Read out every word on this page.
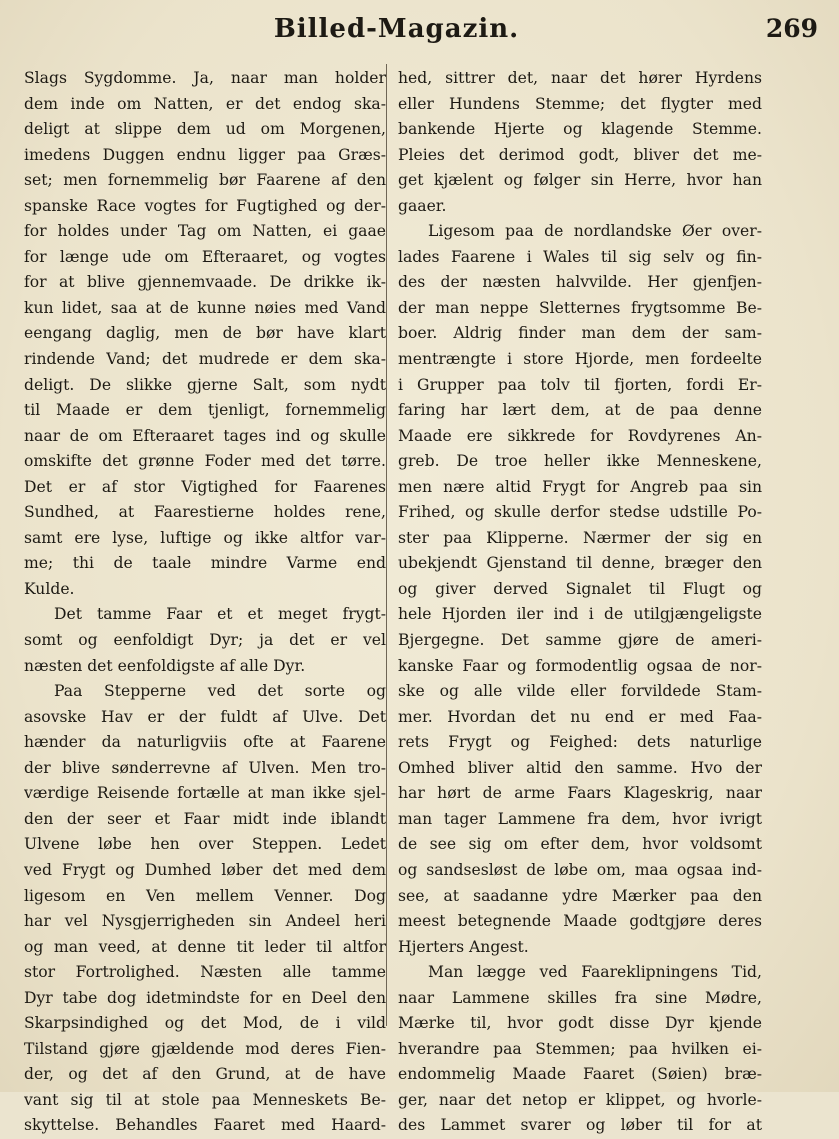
Billed-Magazin.	269
Slags Sygdomme. Ja, naar man holder
dem inde om Natten, er det endog ska-
deligt at slippe dem ud om Morgenen,
imedens Duggen endnu ligger paa Græs-
set; men fornemmelig bør Faarene af den
spanske Race vogtes for Fugtighed og der-
for holdes under Tag om Natten, ei gaae
for længe ude om Efteraaret, og vogtes
for at blive gjennemvaade. De drikke ik-
kun lidet, saa at de kunne nøies med Vand
eengang daglig, men de bør have klart
rindende Vand; det mudrede er dem ska-
deligt. De slikke gjerne Salt, som nydt
til Maade er dem tjenligt, fornemmelig
naar de om Efteraaret tages ind og skulle
omskifte det grønne Foder med det tørre.
Det er af stor Vigtighed for Faarenes
Sundhed, at Faarestierne holdes rene,
samt ere lyse, luftige og ikke altfor var-
me; thi de taale mindre Varme end
Kulde.
Det tamme Faar et et meget frygt-
somt og eenfoldigt Dyr; ja det er vel
næsten det eenfoldigste af alle Dyr.
Paa Stepperne ved det sorte og
asovske Hav er der fuldt af Ulve. Det
hænder da naturligviis ofte at Faarene
der blive sønderrevne af Ulven. Men tro-
værdige Reisende fortælle at man ikke sjel-
den der seer et Faar midt inde iblandt
Ulvene løbe hen over Steppen. Ledet
ved Frygt og Dumhed løber det med dem
ligesom en Ven mellem Venner. Dog
har vel Nysgjerrigheden sin Andeel heri
og man veed, at denne tit leder til altfor
stor Fortrolighed. Næsten alle tamme
Dyr tabe dog idetmindste for en Deel den
Skarpsindighed og det Mod, de i vild
Tilstand gjøre gjældende mod deres Fien-
der, og det af den Grund, at de have
vant sig til at stole paa Menneskets Be-
skyttelse. Behandles Faaret med Haard-
hed, sittrer det, naar det hører Hyrdens
eller Hundens Stemme; det flygter med
bankende Hjerte og klagende Stemme.
Pleies det derimod godt, bliver det me-
get kjælent og følger sin Herre, hvor han
gaaer.
Ligesom paa de nordlandske Øer over-
lades Faarene i Wales til sig selv og fin-
des der næsten halvvilde. Her gjenfjen-
der man neppe Sletternes frygtsomme Be-
boer. Aldrig finder man dem der sam-
mentrængte i store Hjorde, men fordeelte
i Grupper paa tolv til fjorten, fordi Er-
faring har lært dem, at de paa denne
Maade ere sikkrede for Rovdyrenes An-
greb. De troe heller ikke Menneskene,
men nære altid Frygt for Angreb paa sin
Frihed, og skulle derfor stedse udstille Po-
ster paa Klipperne. Nærmer der sig en
ubekjendt Gjenstand til denne, bræger den
og giver derved Signalet til Flugt og
hele Hjorden iler ind i de utilgjængeligste
Bjergegne. Det samme gjøre de ameri-
kanske Faar og formodentlig ogsaa de nor-
ske og alle vilde eller forvildede Stam-
mer. Hvordan det nu end er med Faa-
rets Frygt og Feighed: dets naturlige
Omhed bliver altid den samme. Hvo der
har hørt de arme Faars Klageskrig, naar
man tager Lammene fra dem, hvor ivrigt
de see sig om efter dem, hvor voldsomt
og sandsesløst de løbe om, maa ogsaa ind-
see, at saadanne ydre Mærker paa den
meest betegnende Maade godtgjøre deres
Hjerters Angest.
Man lægge ved Faareklipningens Tid,
naar Lammene skilles fra sine Mødre,
Mærke til, hvor godt disse Dyr kjende
hverandre paa Stemmen; paa hvilken ei-
endommelig Maade Faaret (Søien) bræ-
ger, naar det netop er klippet, og hvorle-
des Lammet svarer og løber til for at
